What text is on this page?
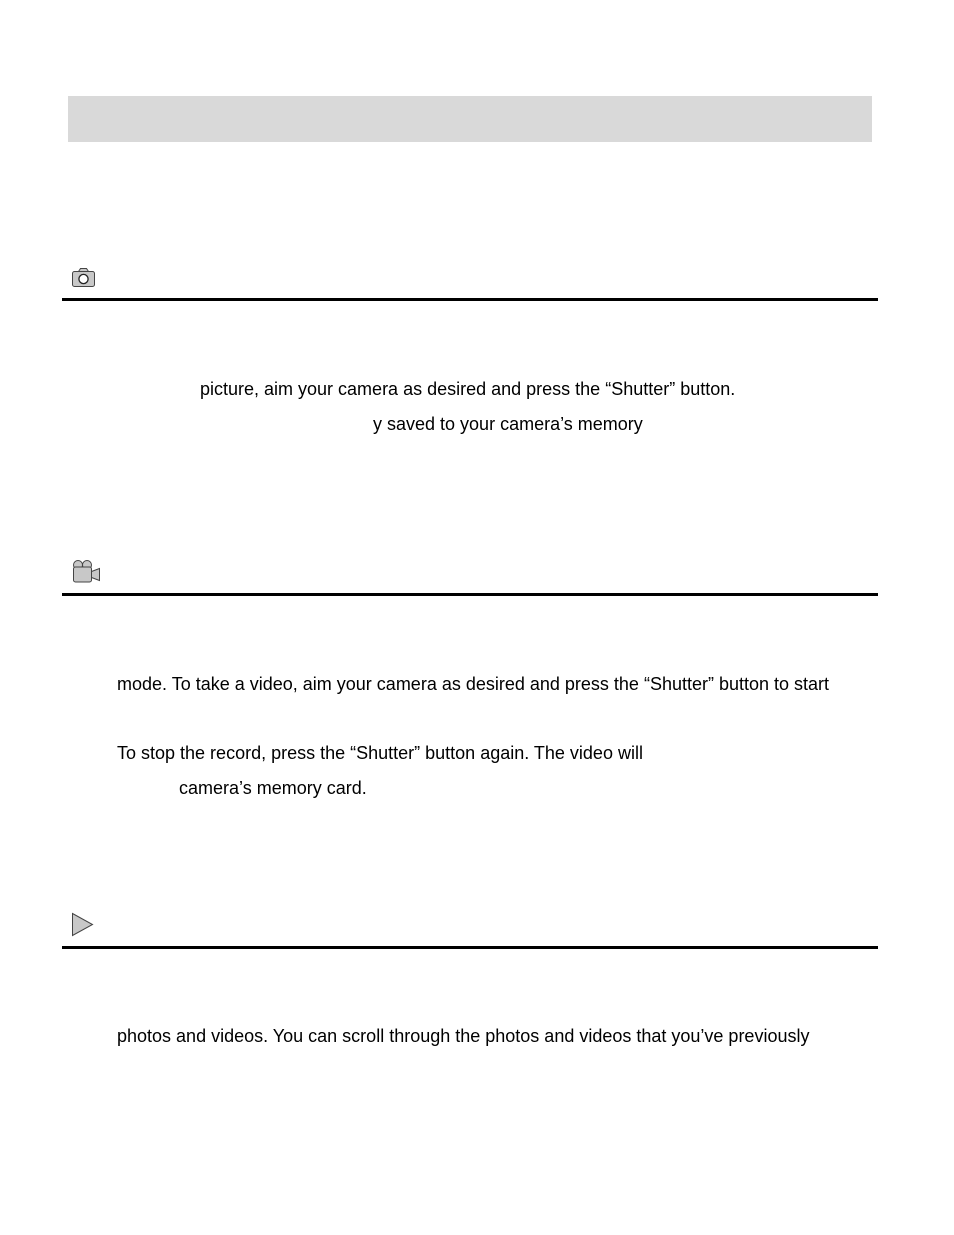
picture, aim your camera as desired and press the “Shutter” button.
y saved to your camera’s memory
mode. To take a video, aim your camera as desired and press the “Shutter” button to start
To stop the record, press the “Shutter” button again. The video will
camera’s memory card.
photos and videos. You can scroll through the photos and videos that you’ve previously
